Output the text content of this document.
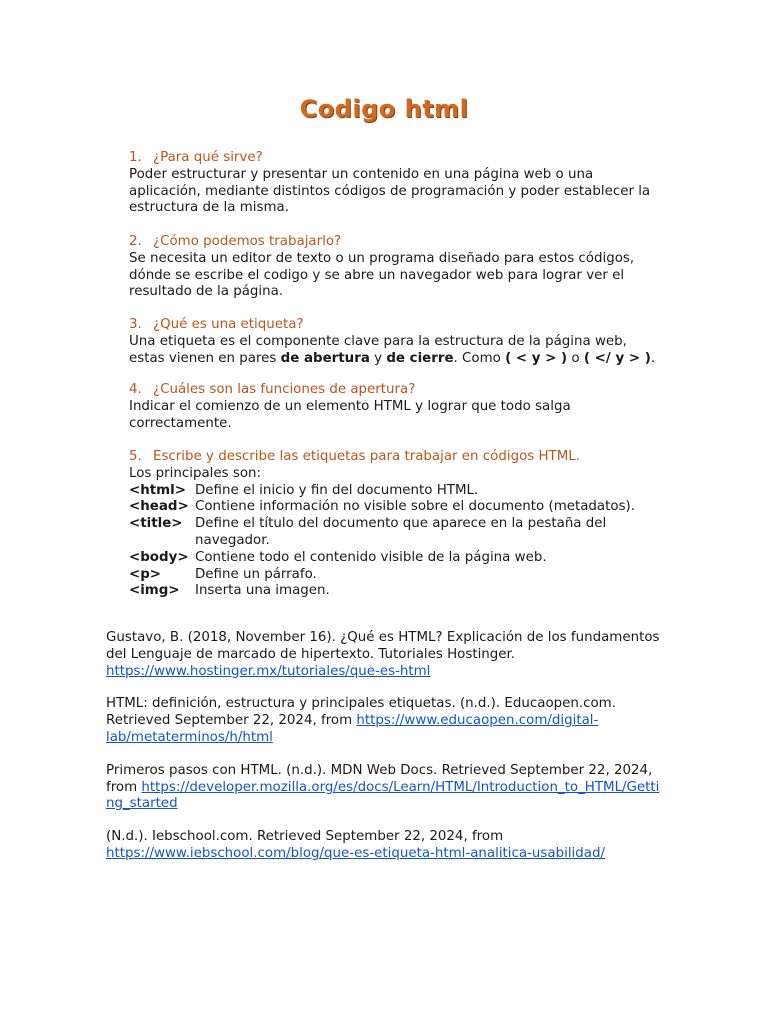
Codigo html
1. ¿Para qué sirve?
Poder estructurar y presentar un contenido en una página web o una aplicación, mediante distintos códigos de programación y poder establecer la estructura de la misma.
2. ¿Cómo podemos trabajarlo?
Se necesita un editor de texto o un programa diseñado para estos códigos, dónde se escribe el codigo y se abre un navegador web para lograr ver el resultado de la página.
3. ¿Qué es una etiqueta?
Una etiqueta es el componente clave para la estructura de la página web, estas vienen en pares de abertura y de cierre. Como ( < y > ) o ( </ y > ).
4. ¿Cuáles son las funciones de apertura?
Indicar el comienzo de un elemento HTML y lograr que todo salga correctamente.
5. Escribe y describe las etiquetas para trabajar en códigos HTML.
Los principales son:
<html> Define el inicio y fin del documento HTML.
<head> Contiene información no visible sobre el documento (metadatos).
<title> Define el título del documento que aparece en la pestaña del navegador.
<body> Contiene todo el contenido visible de la página web.
<p>	Define un párrafo.
<img>	Inserta una imagen.
Gustavo, B. (2018, November 16). ¿Qué es HTML? Explicación de los fundamentos del Lenguaje de marcado de hipertexto. Tutoriales Hostinger. https://www.hostinger.mx/tutoriales/que-es-html
HTML: definición, estructura y principales etiquetas. (n.d.). Educaopen.com. Retrieved September 22, 2024, from https://www.educaopen.com/digital-lab/metaterminos/h/html
Primeros pasos con HTML. (n.d.). MDN Web Docs. Retrieved September 22, 2024, from https://developer.mozilla.org/es/docs/Learn/HTML/Introduction_to_HTML/Getting_started
(N.d.). Iebschool.com. Retrieved September 22, 2024, from https://www.iebschool.com/blog/que-es-etiqueta-html-analitica-usabilidad/
